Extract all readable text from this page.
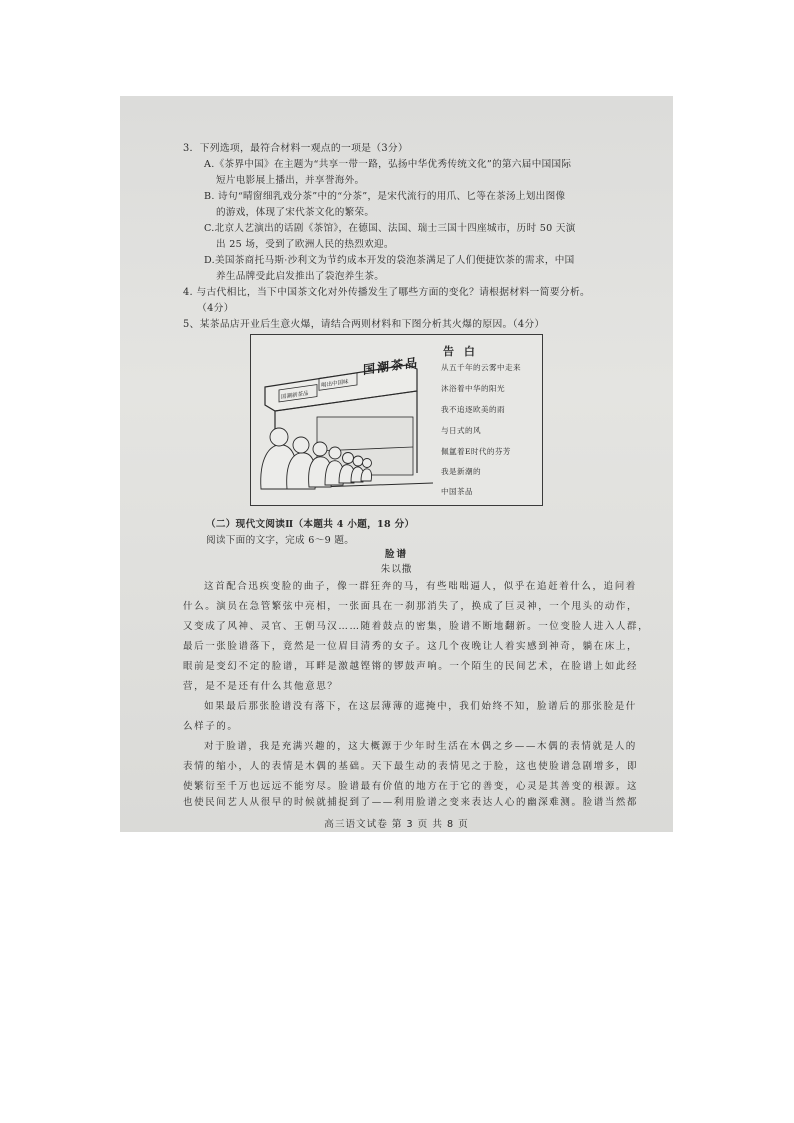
3．下列选项，最符合材料一观点的一项是（3分）
A.《茶界中国》在主题为“共享一带一路，弘扬中华优秀传统文化”的第六届中国国际
短片电影展上播出，并享誉海外。
B. 诗句“晴窗细乳戏分茶”中的“分茶”，是宋代流行的用爪、匕等在茶汤上划出图像
的游戏，体现了宋代茶文化的繁荣。
C.北京人艺演出的话剧《茶馆》，在德国、法国、瑞士三国十四座城市，历时 50 天演
出 25 场，受到了欧洲人民的热烈欢迎。
D.美国茶商托马斯·沙利文为节约成本开发的袋泡茶满足了人们便捷饮茶的需求，中国
养生品牌受此启发推出了袋泡养生茶。
4. 与古代相比，当下中国茶文化对外传播发生了哪些方面的变化？请根据材料一简要分析。
（4分）
5、某茶品店开业后生意火爆，请结合两则材料和下图分析其火爆的原因。（4分）
国潮新茶品
喝出中国味
国潮茶品
告 白
从五千年的云雾中走来
沐浴着中华的阳光
我不追逐欧美的雨
与日式的风
佩氲着E时代的芬芳
我是新潮的
中国茶品
（二）现代文阅读Ⅱ（本题共 4 小题，18 分）
阅读下面的文字，完成 6～9 题。
脸谱
朱以撒
这首配合迅疾变脸的曲子，像一群狂奔的马，有些咄咄逼人，似乎在追赶着什么，追问着
什么。演员在急管繁弦中亮相，一张面具在一刹那消失了，换成了巨灵神，一个甩头的动作，
又变成了风神、灵官、王朝马汉……随着鼓点的密集，脸谱不断地翻新。一位变脸人进入人群，
最后一张脸谱落下，竟然是一位眉目清秀的女子。这几个夜晚让人着实感到神奇，躺在床上，
眼前是变幻不定的脸谱，耳畔是激越铿锵的锣鼓声响。一个陌生的民间艺术，在脸谱上如此经
营，是不是还有什么其他意思？
如果最后那张脸谱没有落下，在这层薄薄的遮掩中，我们始终不知，脸谱后的那张脸是什
么样子的。
对于脸谱，我是充满兴趣的，这大概源于少年时生活在木偶之乡——木偶的表情就是人的
表情的缩小，人的表情是木偶的基础。天下最生动的表情见之于脸，这也使脸谱急剧增多，即
使繁衍至千万也远远不能穷尽。脸谱最有价值的地方在于它的善变，心灵是其善变的根源。这
也使民间艺人从很早的时候就捕捉到了——利用脸谱之变来表达人心的幽深难测。脸谱当然都
高三语文试卷 第 3 页 共 8 页
